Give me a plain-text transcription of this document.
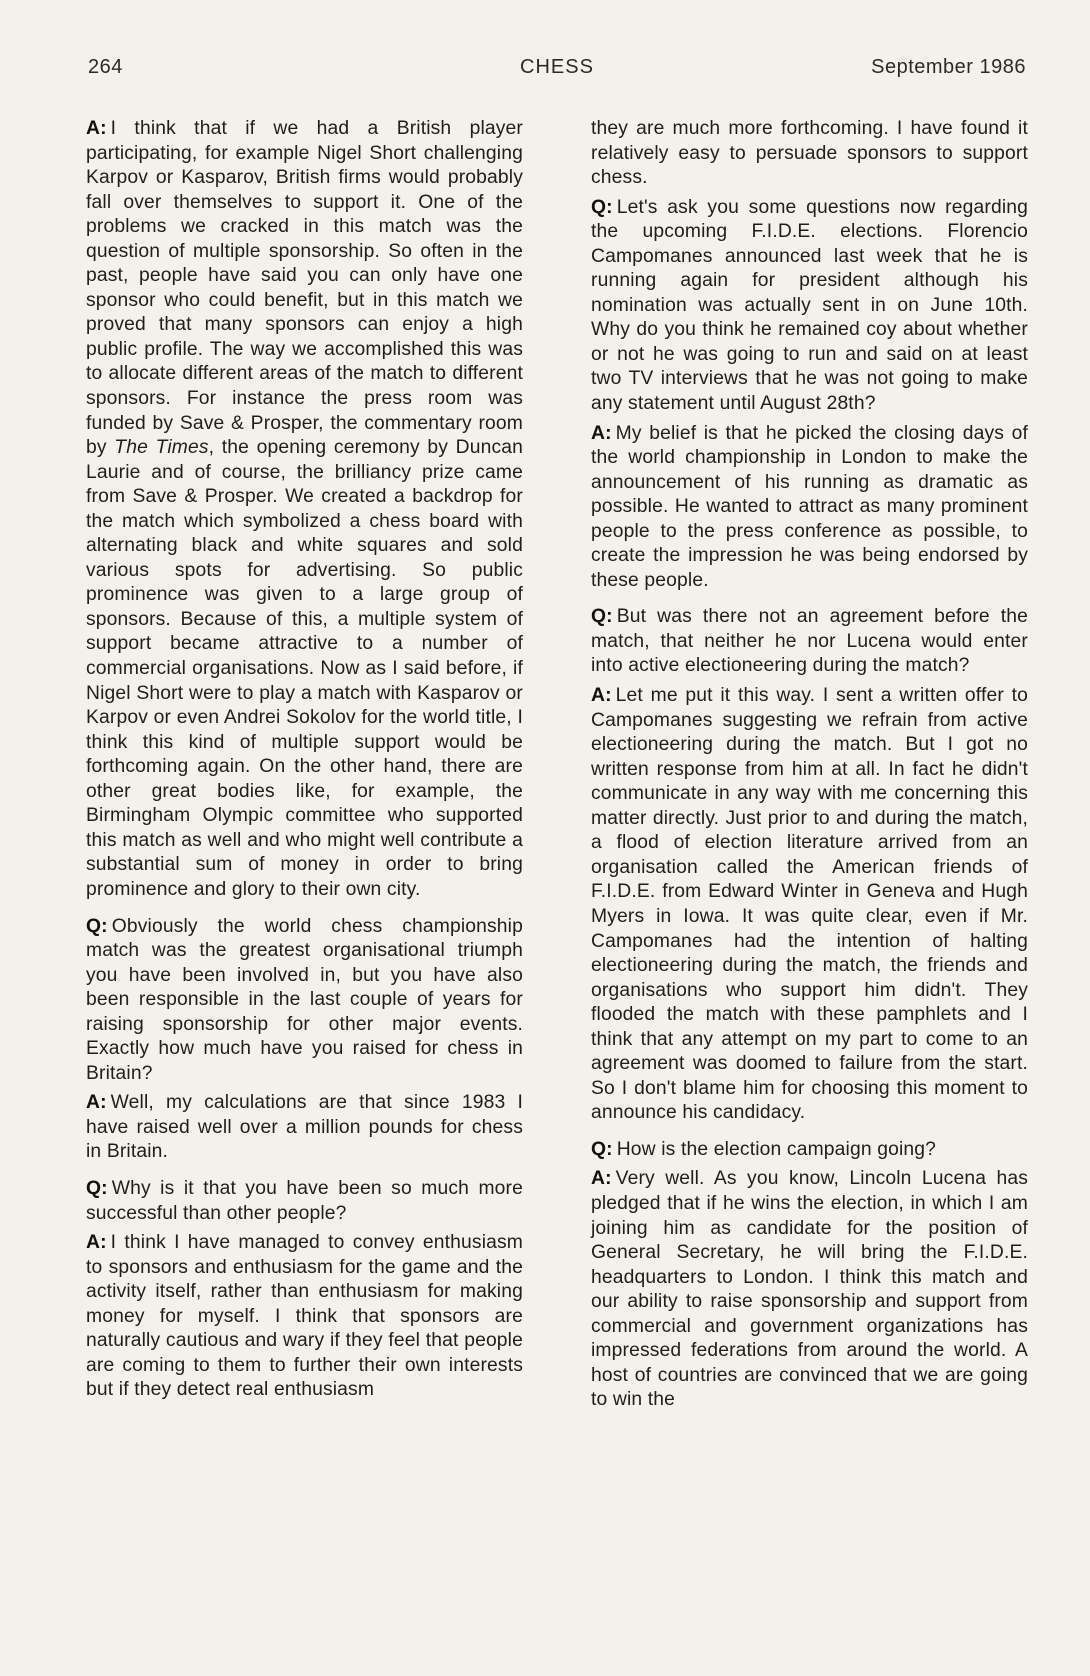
264	CHESS	September 1986

A: I think that if we had a British player participating, for example Nigel Short challenging Karpov or Kasparov, British firms would probably fall over themselves to support it. One of the problems we cracked in this match was the question of multiple sponsorship. So often in the past, people have said you can only have one sponsor who could benefit, but in this match we proved that many sponsors can enjoy a high public profile. The way we accomplished this was to allocate different areas of the match to different sponsors. For instance the press room was funded by Save & Prosper, the commentary room by The Times, the opening ceremony by Duncan Laurie and of course, the brilliancy prize came from Save & Prosper. We created a backdrop for the match which symbolized a chess board with alternating black and white squares and sold various spots for advertising. So public prominence was given to a large group of sponsors. Because of this, a multiple system of support became attractive to a number of commercial organisations. Now as I said before, if Nigel Short were to play a match with Kasparov or Karpov or even Andrei Sokolov for the world title, I think this kind of multiple support would be forthcoming again. On the other hand, there are other great bodies like, for example, the Birmingham Olympic committee who supported this match as well and who might well contribute a substantial sum of money in order to bring prominence and glory to their own city.

Q: Obviously the world chess championship match was the greatest organisational triumph you have been involved in, but you have also been responsible in the last couple of years for raising sponsorship for other major events. Exactly how much have you raised for chess in Britain?

A: Well, my calculations are that since 1983 I have raised well over a million pounds for chess in Britain.

Q: Why is it that you have been so much more successful than other people?

A: I think I have managed to convey enthusiasm to sponsors and enthusiasm for the game and the activity itself, rather than enthusiasm for making money for myself. I think that sponsors are naturally cautious and wary if they feel that people are coming to them to further their own interests but if they detect real enthusiasm

they are much more forthcoming. I have found it relatively easy to persuade sponsors to support chess.

Q: Let's ask you some questions now regarding the upcoming F.I.D.E. elections. Florencio Campomanes announced last week that he is running again for president although his nomination was actually sent in on June 10th. Why do you think he remained coy about whether or not he was going to run and said on at least two TV interviews that he was not going to make any statement until August 28th?

A: My belief is that he picked the closing days of the world championship in London to make the announcement of his running as dramatic as possible. He wanted to attract as many prominent people to the press conference as possible, to create the impression he was being endorsed by these people.

Q: But was there not an agreement before the match, that neither he nor Lucena would enter into active electioneering during the match?

A: Let me put it this way. I sent a written offer to Campomanes suggesting we refrain from active electioneering during the match. But I got no written response from him at all. In fact he didn't communicate in any way with me concerning this matter directly. Just prior to and during the match, a flood of election literature arrived from an organisation called the American friends of F.I.D.E. from Edward Winter in Geneva and Hugh Myers in Iowa. It was quite clear, even if Mr. Campomanes had the intention of halting electioneering during the match, the friends and organisations who support him didn't. They flooded the match with these pamphlets and I think that any attempt on my part to come to an agreement was doomed to failure from the start. So I don't blame him for choosing this moment to announce his candidacy.

Q: How is the election campaign going?

A: Very well. As you know, Lincoln Lucena has pledged that if he wins the election, in which I am joining him as candidate for the position of General Secretary, he will bring the F.I.D.E. headquarters to London. I think this match and our ability to raise sponsorship and support from commercial and government organizations has impressed federations from around the world. A host of countries are convinced that we are going to win the
